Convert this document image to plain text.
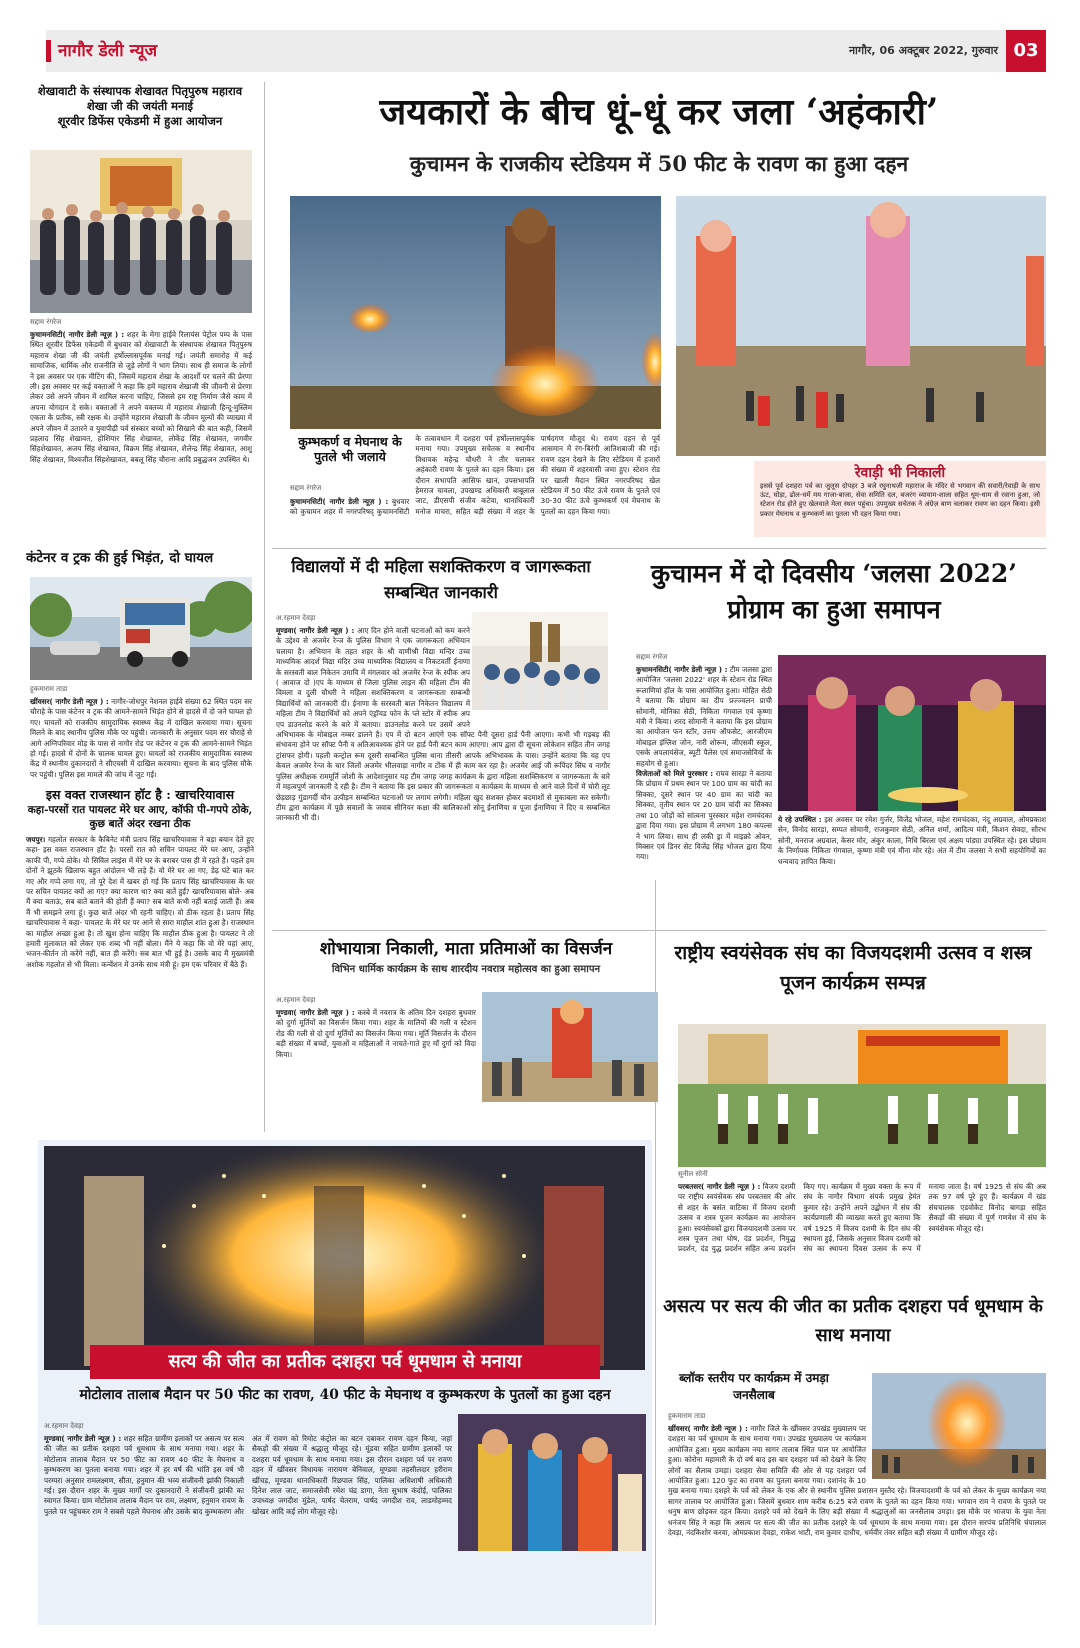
नागौर डेली न्यूज	नागौर, 06 अक्टूबर 2022, गुरुवार 03
शेखावाटी के संस्थापक शेखावत पितृपुरुष महाराव शेखा जी की जयंती मनाई
शूरवीर डिफेंस एकेडमी में हुआ आयोजन
सद्दाम रंगरेज
कुचामनसिटी( नागौर डेली न्यूज़ ) : शहर के मेगा हाईवे रिलायंस पेट्रोल पम्प के पास स्थित शूरवीर डिफेंस एकेडमी में बुधवार को शेखावाटी के संस्थापक शेखावत पितृपुरुष महाराव शेखा जी की जयंती हर्षोल्लासपूर्वक मनाई गई। जयंती समारोह में कई सामाजिक, धार्मिक और राजनीति से जुड़े लोगों ने भाग लिया। साथ ही समाज के लोगों ने इस अवसर पर एक मीटिंग की, जिसमें महाराव शेखा के आदर्शों पर चलने की प्रेरणा ली। इस अवसर पर कई वक्ताओं ने कहा कि हमें महाराव शेखाजी की जीवनी से प्रेरणा लेकर उसे अपने जीवन में शामिल करना चाहिए, जिससे हम राष्ट्र निर्माण जैसे काम में अपना योगदान दे सके। वक्ताओं ने अपने वक्तव्य में महाराव शेखाजी हिन्दू-मुस्लिम एकता के प्रतीक, स्त्री रक्षक थे। उन्होंने महाराव शेखाजी के जीवन मूल्यों की व्याख्या में अपने जीवन में उतारने व युवापीढ़ी पर्व संस्कार बच्चों को सिखाने की बात कही, जिसमें प्रहलाद सिंह शेखावत, होशियार सिंह शेखावत, लोकेंद्र सिंह शेखावत, जगवीर सिंहशेखावत, अजय सिंह शेखावत, विक्रम सिंह शेखावत, शैलेन्द्र सिंह शेखावत, आशु सिंह शेखावत, विश्वजीत सिंहशेखावत, बबलू सिंह चौराना आदि प्रबुद्धजन उपस्थित थे।
कंटेनर व ट्रक की हुई भिड़ंत, दो घायल
हुकमाराम ताडा
खींवसर( नागौर डेली न्यूज़ ) : नागौर-जोधपुर नेशनल हाईवे संख्या 62 स्थित पदम सर चौराहे के पास कंटेनर व ट्रक की आमने-सामने भिड़ंत होने से हादसे में दो जने घायल हो गए। घायलों को राजकीय सामुदायिक स्वास्थ्य केंद्र में दाखिल करवाया गया। सूचना मिलने के बाद स्थानीय पुलिस मौके पर पहुंची। जानकारी के अनुसार पदम सर चौराहे से आगे अग्निपरिवार मोड़ के पास से नागौर रोड पर कंटेनर व ट्रक की आमने-सामने भिड़ंत हो गई। हादसे में दोनों के चालक घायल हुए। घायलों को राजकीय सामुदायिक स्वास्थ्य केंद्र में स्थानीय दुकानदारों ने सीएचसी में दाखिल करवाया। सूचना के बाद पुलिस मौके पर पहुंची। पुलिस इस मामले की जांच में जुट गई।
इस वक्त राजस्थान हॉट है : खाचरियावास
कहा-परसों रात पायलट मेरे घर आए, कॉफी पी-गपपे ठोके, कुछ बातें अंदर रखना ठीक
जयपुर। गहलोत सरकार के कैबिनेट मंत्री प्रताप सिंह खाचरियावास ने बड़ा बयान देते हुए कहा- इस वक्त राजस्थान हॉट है। परसों रात को सचिन पायलट मेरे घर आए, उन्होंने काफी पी, गप्पे ठोके। यो सिविल लाइंस में मेरे घर के बराबर पास ही में रहते हैं। पहले हम दोनों ने झूठके खिलाफ बहुत आंदोलन भी लड़े हैं। वो मेरे घर आ गए, डेढ़ घंटे बात कर गए और गप्पे लगा गए, तो पूरे देश में खबर हो गई कि प्रताप सिंह खाचरियावास के घर पर सचिन पायलट क्यों आ गए? क्या कारण था? क्या बातें हुईं? खाचरियावास बोले- अब मैं क्या बताऊं, सब बातें बताने की होती हैं क्या? सब बातें कभी नहीं बताई जाती हैं। अब मैं भी समझने लगा हूं। कुछ बातें अंदर भी रहनी चाहिए। वो ठीक रहता है। प्रताप सिंह खाचरियावास ने कहा- पायलट के मेरे घर पर आने से सारा माहौल शांत हुआ है। राजस्थान का माहौल अच्छा हुआ है। तो खुश होना चाहिए कि माहौल ठीक हुआ है। पायलट ने तो हमारी मुलाकात को लेकर एक शब्द भी नहीं बोला। मैंने ये कहा कि वो मेरे यहां आए, भजन-कीर्तन तो करेंगे नहीं, बात ही करेंगे। सब बात भी हुई है। उसके बाद मैं मुख्यमंत्री अशोक गहलोत से भी मिला। कन्वेंशन में उनके साथ मंत्री हूं। हम एक परिवार में बैठे हैं।
जयकारों के बीच धूं-धूं कर जला ‘अहंकारी’
कुचामन के राजकीय स्टेडियम में 50 फीट के रावण का हुआ दहन
कुम्भकर्ण व मेघनाथ के पुतले भी जलाये
सद्दाम रंगरेज
कुचामनसिटी( नागौर डेली न्यूज़ ) : बुधवार को कुचामन शहर में नगरपरिषद् कुचामनसिटी के तत्वावधान में दशहरा पर्व हर्षोल्लासपूर्वक मनाया गया। उपमुख्य सचेतक व स्थानीय विधायक महेन्द्र चौधरी ने तीर चलाकर अहंकारी रावण के पुतले का दहन किया। इस दौरान सभापति आसिफ खान, उपसभापति हेमराज चावला, उपखण्ड अधिकारी बाबूलाल जाट, डीएसपी संजीव कटेवा, थानाधिकारी मनोज माचरा, सहित बड़ी संख्या में शहर के पार्षदगण मौजूद थे। रावण दहन से पूर्व आसमान में रंग-बिरंगी आतिशबाजी की गई। रावण दहन देखने के लिए स्टेडियम में हजारों की संख्या में शहरवासी जमा हुए। स्टेशन रोड पर खाली मैदान स्थित नगरपरिषद खेल स्टेडियम में 50 फीट ऊंचे रावण के पुतले एवं 30-30 फीट ऊंचे कुम्भकर्ण एवं मेघनाथ के पुतलों का दहन किया गया।
रेवाड़ी भी निकाली
इससे पूर्व दशहरा पर्व का जुलूस दोपहर 3 बजे रघुनाथजी महाराज के मंदिर से भगवान की सवारी/रेवाड़ी के साथ ऊंट, घोड़ा, ढोल-धमें मय गाजा-बाजा, सेवा समिति दल, बजरंग व्यायाम-शाला सहित धूम-धाम से रवाना हुआ, जो स्टेशन रोड होते हुए खेलवाले मेला स्थल पहुंचा। उपमुख्य सचेतक ने अंग्रेज़ बाण चलाकर रावण का दहन किया। इसी प्रकार मेघनाथ व कुम्भकर्ण का पुतला भी दहन किया गया।
विद्यालयों में दी महिला सशक्तिकरण व जागरूकता सम्बन्धित जानकारी
अ.रहमान देवड़ा
मूण्डवा( नागौर डेली न्यूज़ ) : आए दिन होने वाली घटनाओं को कम करने के उद्देश्य से अजमेर रेन्ज के पुलिस विभाग ने एक जागरूकता अभियान चलाया है। अभियान के तहत शहर के श्री वाणीश्री विद्या मन्दिर उच्च माध्यमिक आदर्श विद्या मंदिर उच्च माध्यमिक विद्यालय व निकटवर्ती ईनाणा के सरस्वती बाल निकेतन उमावि में मंगलवार को अजमेर रेन्ज के स्पीक अप ( आवाज दो )एप के माध्यम से जिला पुलिस लाइन की महिला टीम की विमला व दुली चौधरी ने महिला सशक्तिकरण व जागरूकता सम्बन्धी विद्यार्थियों को जानकारी दी। ईनाणा के सरस्वती बाल निकेतन विद्यालय में महिला टीम ने विद्यार्थियों को अपने एंड्रॉयड फोन के प्ले स्टोर में स्पीक अप एप डाउनलोड करने के बारे में बताया। डाउनलोड करने पर उसमें अपने अभिभावक के मोबाइल नम्बर डालने है। एप में दो बटन आएंगे एक सॉफ्ट पैनी दूसरा हार्ड पैनी आएगा। कभी भी गड़बड़ की संभावना होने पर सॉफ्ट पैनी व अतिआवश्यक होने पर हार्ड पैनी बटन काम आएगा। आप द्वारा दी सूचना लोकेशन सहित तीन जगह ट्रांसफर होगी। पहली कन्ट्रोल रूम दूसरी सम्बन्धित पुलिस थाना तीसरी आपके अभिभावक के पास। उन्होंने बताया कि यह एप केवल अजमेर रेन्ज के चार जिलों अजमेर भीलवाड़ा नागौर व टोंक में ही काम कर रहा है। अजमेर आई जी रूपिंदर सिंघ व नागौर पुलिस अधीक्षक राममूर्ति जोशी के आदेशानुसार यह टीम जगह जगह कार्यक्रम के द्वारा महिला सशक्तिकरण व जागरूकता के बारे में महत्वपूर्ण जानकारी दे रही है। टीम ने बताया कि इस प्रकार की जागरूकता व कार्यक्रम के माध्यम से आने वाले दिनों में चोरी लूट छेड़छाड़ गुंडागर्दी यौन उत्पीड़न सम्बन्धित घटनाओं पर लगाम लगेगी। महिला खुद सशक्त होकर बदमाशों से मुकाबला कर सकेगी। टीम द्वारा कार्यक्रम में पूछे सवालों के जवाब सीनियर कक्षा की बालिकाओं सोनू ईनाणिया व पूजा ईनाणिया ने दिए व सम्बन्धित जानकारी भी दी।
कुचामन में दो दिवसीय ‘जलसा 2022’ प्रोग्राम का हुआ समापन
सद्दाम रंगरेज
कुचामनसिटी( नागौर डेली न्यूज़ ) : टीम जलसा द्वारा आयोजित 'जलसा 2022' शहर के स्टेशन रोड स्थित रूलाणियां हॉल के पास आयोजित हुआ। मोहित सेठी ने बताया कि प्रोग्राम का दीप प्रज्ज्वलन प्राची सोमानी, मोनिका सेठी, निकिता गंगवाल एवं कृष्णा मंत्री ने किया। शरद सोमानी ने बताया कि इस प्रोग्राम का आयोजन फन स्टॉर, उत्तम ऑफसेट, आरजीएम मोबाइल इंग्लिश जोन, नारी शोरूम, जीएसवी स्कूल, एसके अपलायंसेज, ब्यूटी पैलेस एवं समाजसेवियों के सहयोग से हुआ।
विजेताओं को मिले पुरस्कार : राघव सारड़ा ने बताया कि प्रोग्राम में प्रथम स्थान पर 100 ग्राम का चांदी का सिक्का, दूसरे स्थान पर 40 ग्राम का चांदी का सिक्का, तृतीय स्थान पर 20 ग्राम चांदी का सिक्का तथा 10 जोड़ों को सांत्वना पुरस्कार महेश रामचंदका द्वारा दिया गया। इस प्रोग्राम में लगभग 180 कपल्स ने भाग लिया। साथ ही लकी ड्रा में माइक्रो ओवन, मिक्सर एवं डिनर सेट विजेंद्र सिंह भोजल द्वारा दिया गया।
ये रहे उपस्थित : इस अवसर पर रमेश गुर्जर, विजेंद्र भोजल, महेश रामचंदका, नंदू अग्रवाल, ओमप्रकाश सेन, विनोद सारड़ा, सम्पत सोमानी, राजकुमार सेठी, अनिल शर्मा, आदित्य मंत्री, किशन सेवदा, सौरभ सोनी, मनराज अग्रवाल, केसर मोर, अंकुर काला, निधि बिरला एवं अक्षय पांड्या उपस्थित रहे। इस प्रोग्राम के निर्णायक निकिता गंगवाल, कृष्णा मंत्री एवं मीना मोर रहे। अंत में टीम जलसा ने सभी सहयोगियों का धन्यवाद ज्ञापित किया।
शोभायात्रा निकाली, माता प्रतिमाओं का विसर्जन
विभिन धार्मिक कार्यक्रम के साथ शारदीय नवरात्र महोत्सव का हुआ समापन
अ.रहमान देवड़ा
मूण्डवा( नागौर डेली न्यूज़ ) : कस्बे में नवरात्र के अंतिम दिन दशहरा बुधवार को दुर्गा मूर्तियों का विसर्जन किया गया। शहर के मालियों की गली व स्टेशन रोड की गली से दो दुर्गा मूर्तियों का विसर्जन किया गया। मूर्ति विसर्जन के दौरान बड़ी संख्या में बच्चों, युवाओं व महिलाओं ने नाचते-गाते हुए माँ दुर्गा को विदा किया।
राष्ट्रीय स्वयंसेवक संघ का विजयदशमी उत्सव व शस्त्र पूजन कार्यक्रम सम्पन्न
सुनील सोनी
परबतसर( नागौर डेली न्यूज़ ) : विजय दशमी पर राष्ट्रीय स्वयंसेवक संघ परबतसर की ओर से शहर के बसंत वाटिका में विजय दशमी उत्सव व शस्त्र पूजन कार्यक्रम का आयोजन हुआ। स्वयंसेवकों द्वारा विजयादशमी उत्सव पर शस्त्र पूजन तथा घोष, दंड प्रदर्शन, नियुद्ध प्रदर्शन, दंड युद्ध प्रदर्शन सहित अन्य प्रदर्शन किए गए। कार्यक्रम में मुख्य वक्ता के रूप में संघ के नागौर विभाग संपर्क प्रमुख हेमंत कुमार रहे। उन्होंने अपने उद्बोधन में संघ की कार्यप्रणाली की व्याख्या करते हुए बताया कि वर्ष 1925 में विजय दशमी के दिन संघ की स्थापना हुई, जिसके अनुसार विजय दशमी को संघ का स्थापना दिवस उत्सव के रूप में मनाया जाता है। वर्ष 1925 से संघ की अब तक 97 वर्ष पूरे हुए हैं। कार्यक्रम में खंड संघचालक एडवोकेट विनोद बागड़ा सहित सैकड़ों की संख्या में पूर्ण गणवेश में संघ के स्वयंसेवक मौजूद रहे।
सत्य की जीत का प्रतीक दशहरा पर्व धूमधाम से मनाया
मोटोलाव तालाब मैदान पर 50 फीट का रावण, 40 फीट के मेघनाथ व कुम्भकरण के पुतलों का हुआ दहन
अ.रहमान देवड़ा
मूण्डवा( नागौर डेली न्यूज़ ) : शहर सहित ग्रामीण इलाकों पर असत्य पर सत्य की जीत का प्रतीक दशहरा पर्व धूमधाम के साथ मनाया गया। शहर के मोटोलाव तालाब मैदान पर 50 फीट का रावण 40 फीट के मेघनाथ व कुम्भकरण का पुतला बनाया गया। शहर में हर वर्ष की भांति इस वर्ष भी परम्परा अनुसार रामलक्ष्मण, सीता, हनुमान की भव्य संजीवनी झांकी निकाली गई। इस दौरान शहर के मुख्य मार्गों पर दुकानदारों ने संजीवनी झांकी का स्वागत किया। ग्राम मोटोलाव तालाब मैदान पर राम, लक्ष्मण, हनुमान रावण के पुतले पर पहुंचकर राम ने सबसे पहले मेघनाथ और उसके बाद कुम्भकरण और अंत में रावण को रिमोट कंट्रोल का बटन दबाकर रावण दहन किया, जहां सैकड़ों की संख्या में श्रद्धालु मौजूद रहे। मूंडवा सहित ग्रामीण इलाकों पर दशहरा पर्व धूमधाम के साथ मनाया गया। इस दौरान दशहरा पर्व पर रावण दहन में खींवसर विधायक नारायण बेनिवाल, मूण्डवा तहसीलदार हरीराम खींचड़, मूण्डवा थानाधिकारी रिछपाल सिंह, पालिका अधिशाषी अधिकारी दिनेश लाल जाट, समाजसेवी रमेश चंद्र डागा, नेता सुभाष कंदोई, पालिका उपाध्यक्ष जगदीश मुंडेल, पार्षद चेतराम, पार्षद जगदीश राव, लाडमोहम्मद खोखर आदि कई लोग मौजूद रहे।
असत्य पर सत्य की जीत का प्रतीक दशहरा पर्व धूमधाम के साथ मनाया
ब्लॉक स्तरीय पर कार्यक्रम में उमड़ा जनसैलाब
हुकमाराम ताडा
खींवसर( नागौर डेली न्यूज ) : नागौर जिले के खींवसर उपखंड मुख्यालय पर दशहरा का पर्व धूमधाम के साथ मनाया गया। उपखंड मुख्यालय पर कार्यक्रम आयोजित हुआ। मुख्य कार्यक्रम नया सागर तालाब स्थित पाल पर आयोजित हुआ। कोरोना महामारी के दो वर्ष बाद इस बार दशहरा पर्व को देखने के लिए लोगों का सैलाब उमड़ा। दशहरा सेवा समिति की ओर से यह दशहरा पर्व आयोजित हुआ। 120 फुट का रावण का पुतला बनाया गया। दशानंद के 10 मुख बनाया गया। दशहरे के पर्व को लेकर के एक और से स्थानीय पुलिस प्रशासन मुस्तैद रहे। विजयादशमी के पर्व को लेकर के मुख्य कार्यक्रम नया सागर तालाब पर आयोजित हुआ। जिसमें बुधवार शाम करीब 6:25 बजे रावण के पुतले का दहन किया गया। भगवान राम ने रावण के पुतले पर धनुष बाण छोड़कर दहन किया। दशहरे पर्व को देखने के लिए बड़ी संख्या में श्रद्धालुओं का जनसैलाब उमड़ा। इस मौके पर भाजपा के युवा नेता धनंजय सिंह ने कहा कि असत्य पर सत्य की जीत का प्रतीक दशहरे के पर्व धूमधाम के साथ मनाया गया। इस दौरान सरपंच प्रतिनिधि चंपालाल देवड़ा, नंदकिशोर करवा, ओमप्रकाश देवड़ा, राकेश भाटी, राम कुमार दाधीच, धर्मवीर तंवर सहित बड़ी संख्या में ग्रामीण मौजूद रहे।
